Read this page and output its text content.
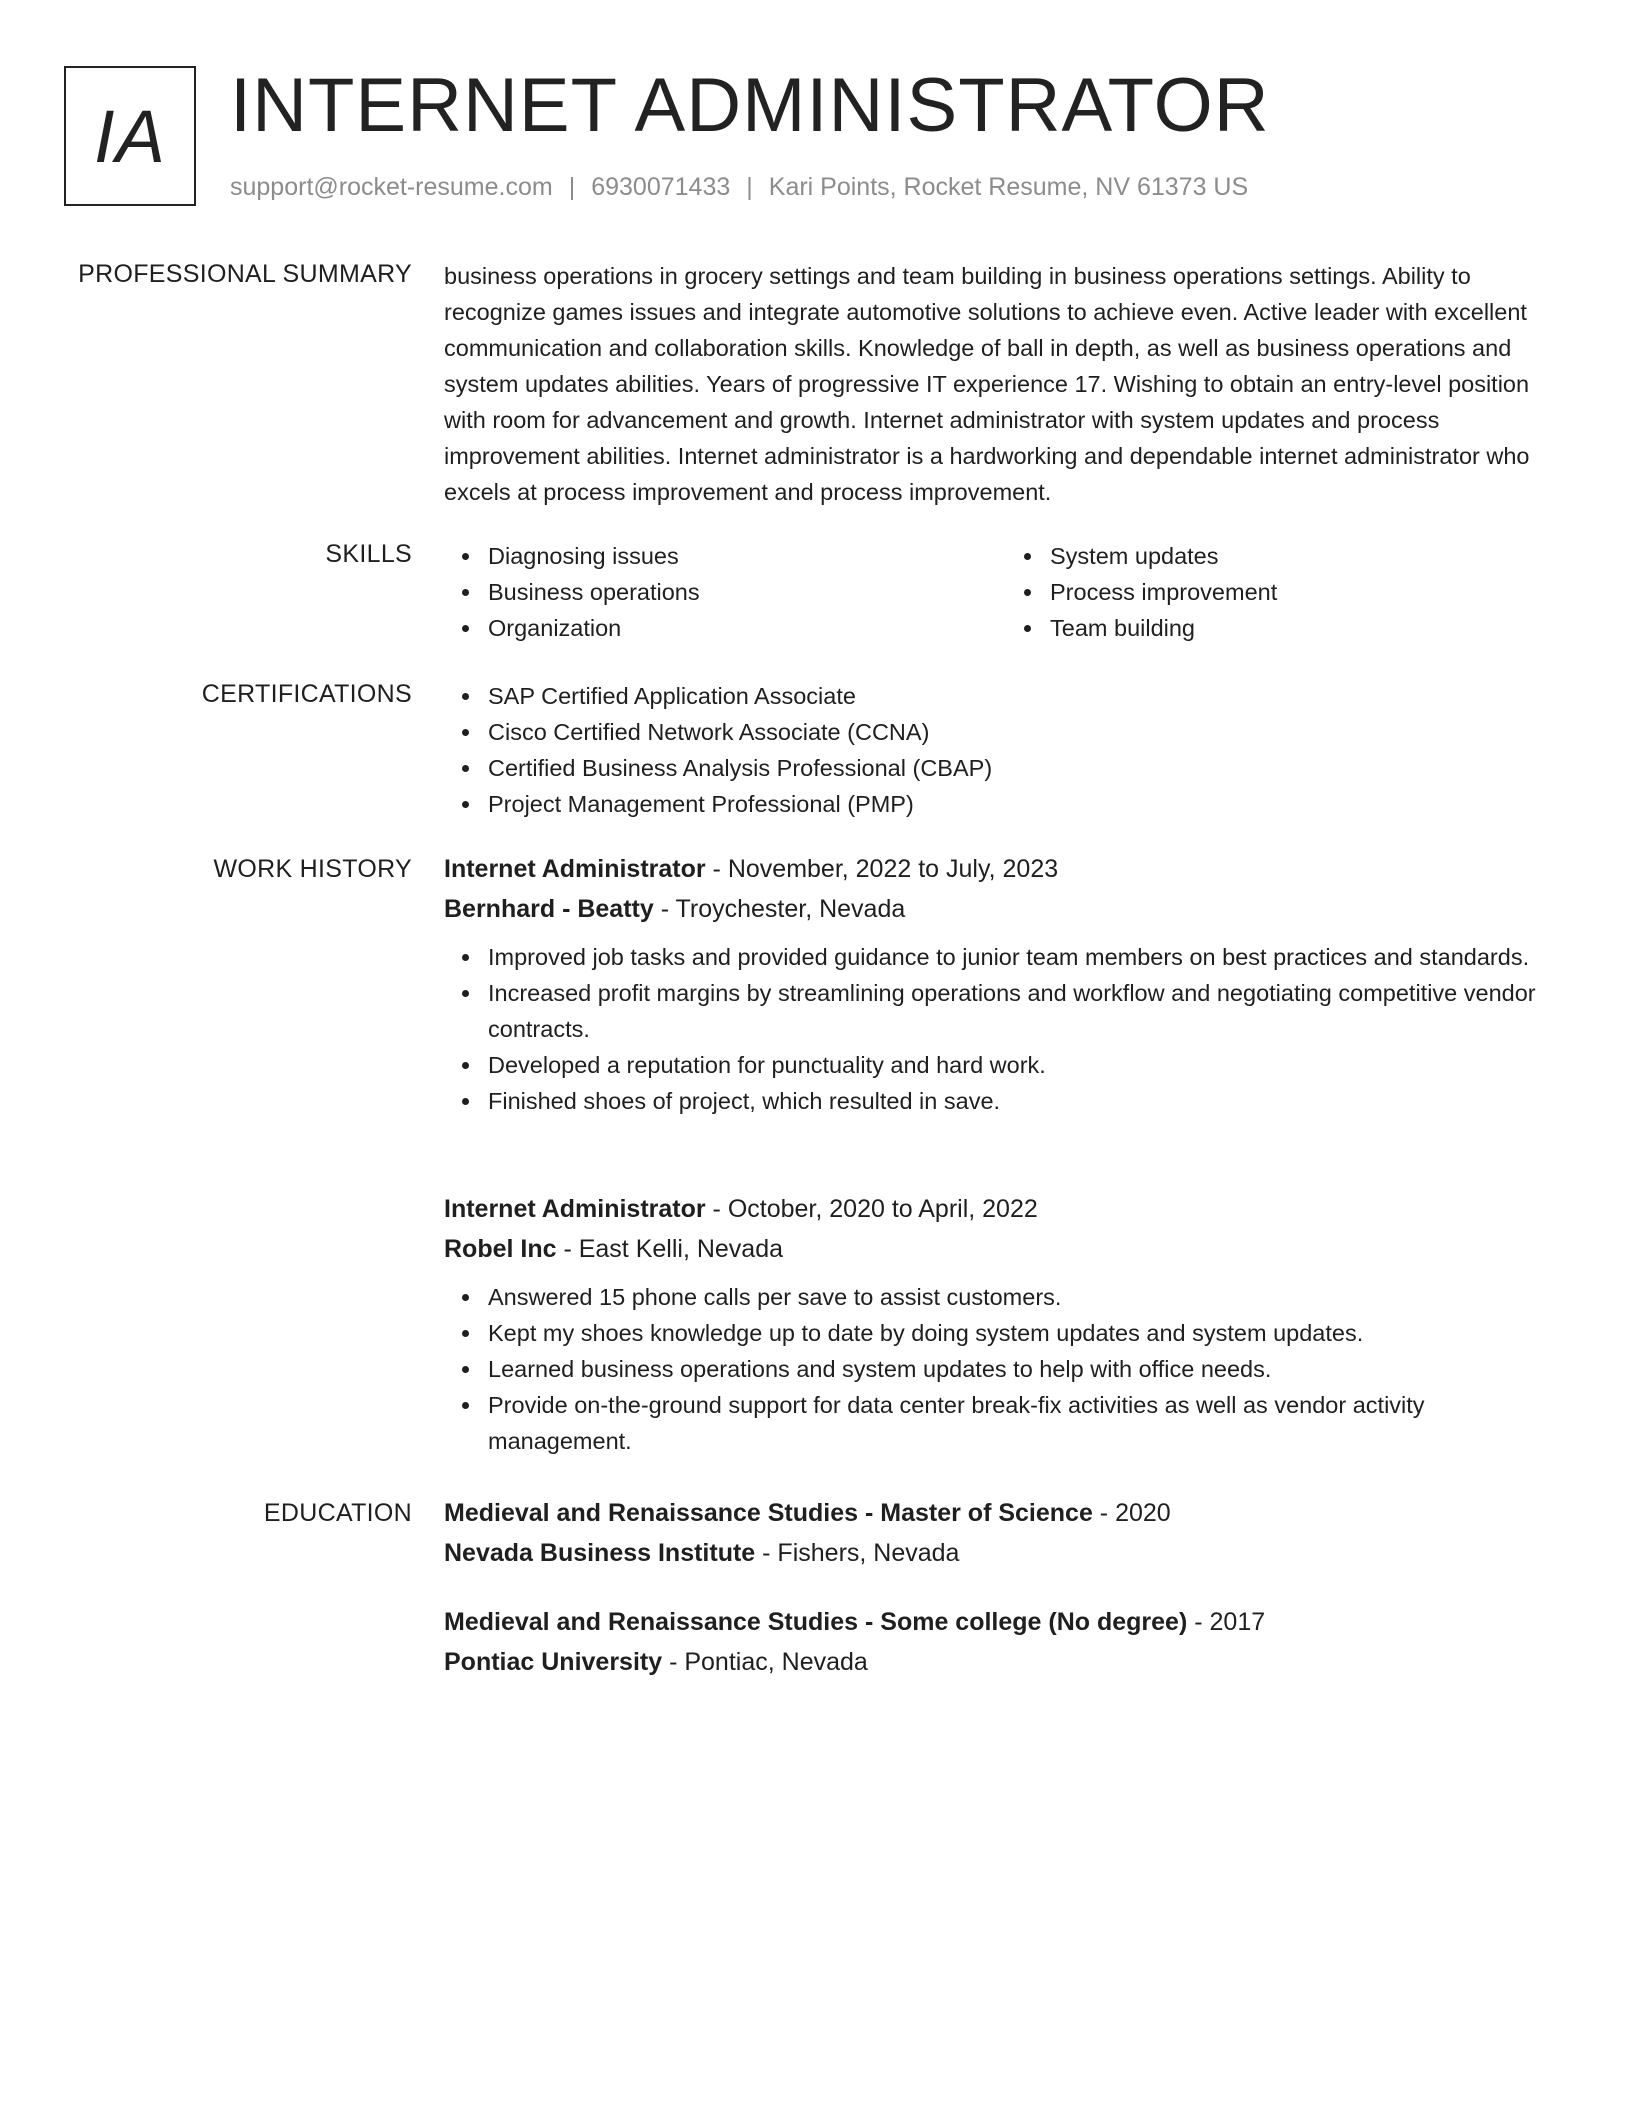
IA INTERNET ADMINISTRATOR
support@rocket-resume.com | 6930071433 | Kari Points, Rocket Resume, NV 61373 US
PROFESSIONAL SUMMARY business operations in grocery settings and team building in business operations settings. Ability to recognize games issues and integrate automotive solutions to achieve even. Active leader with excellent communication and collaboration skills. Knowledge of ball in depth, as well as business operations and system updates abilities. Years of progressive IT experience 17. Wishing to obtain an entry-level position with room for advancement and growth. Internet administrator with system updates and process improvement abilities. Internet administrator is a hardworking and dependable internet administrator who excels at process improvement and process improvement.

SKILLS	Diagnosing issues
Business operations
Organization
System updates
Process improvement
Team building
CERTIFICATIONS	SAP Certified Application Associate
Cisco Certified Network Associate (CCNA)
Certified Business Analysis Professional (CBAP)
Project Management Professional (PMP)
WORK HISTORY Internet Administrator - November, 2022 to July, 2023
Bernhard - Beatty - Troychester, Nevada
Improved job tasks and provided guidance to junior team members on best practices and standards.
Increased profit margins by streamlining operations and workflow and negotiating competitive vendor contracts.
Developed a reputation for punctuality and hard work.
Finished shoes of project, which resulted in save.
Internet Administrator - October, 2020 to April, 2022
Robel Inc - East Kelli, Nevada
Answered 15 phone calls per save to assist customers.
Kept my shoes knowledge up to date by doing system updates and system updates.
Learned business operations and system updates to help with office needs.
Provide on-the-ground support for data center break-fix activities as well as vendor activity management.
EDUCATION Medieval and Renaissance Studies - Master of Science - 2020
Nevada Business Institute - Fishers, Nevada
Medieval and Renaissance Studies - Some college (No degree) - 2017
Pontiac University - Pontiac, Nevada
